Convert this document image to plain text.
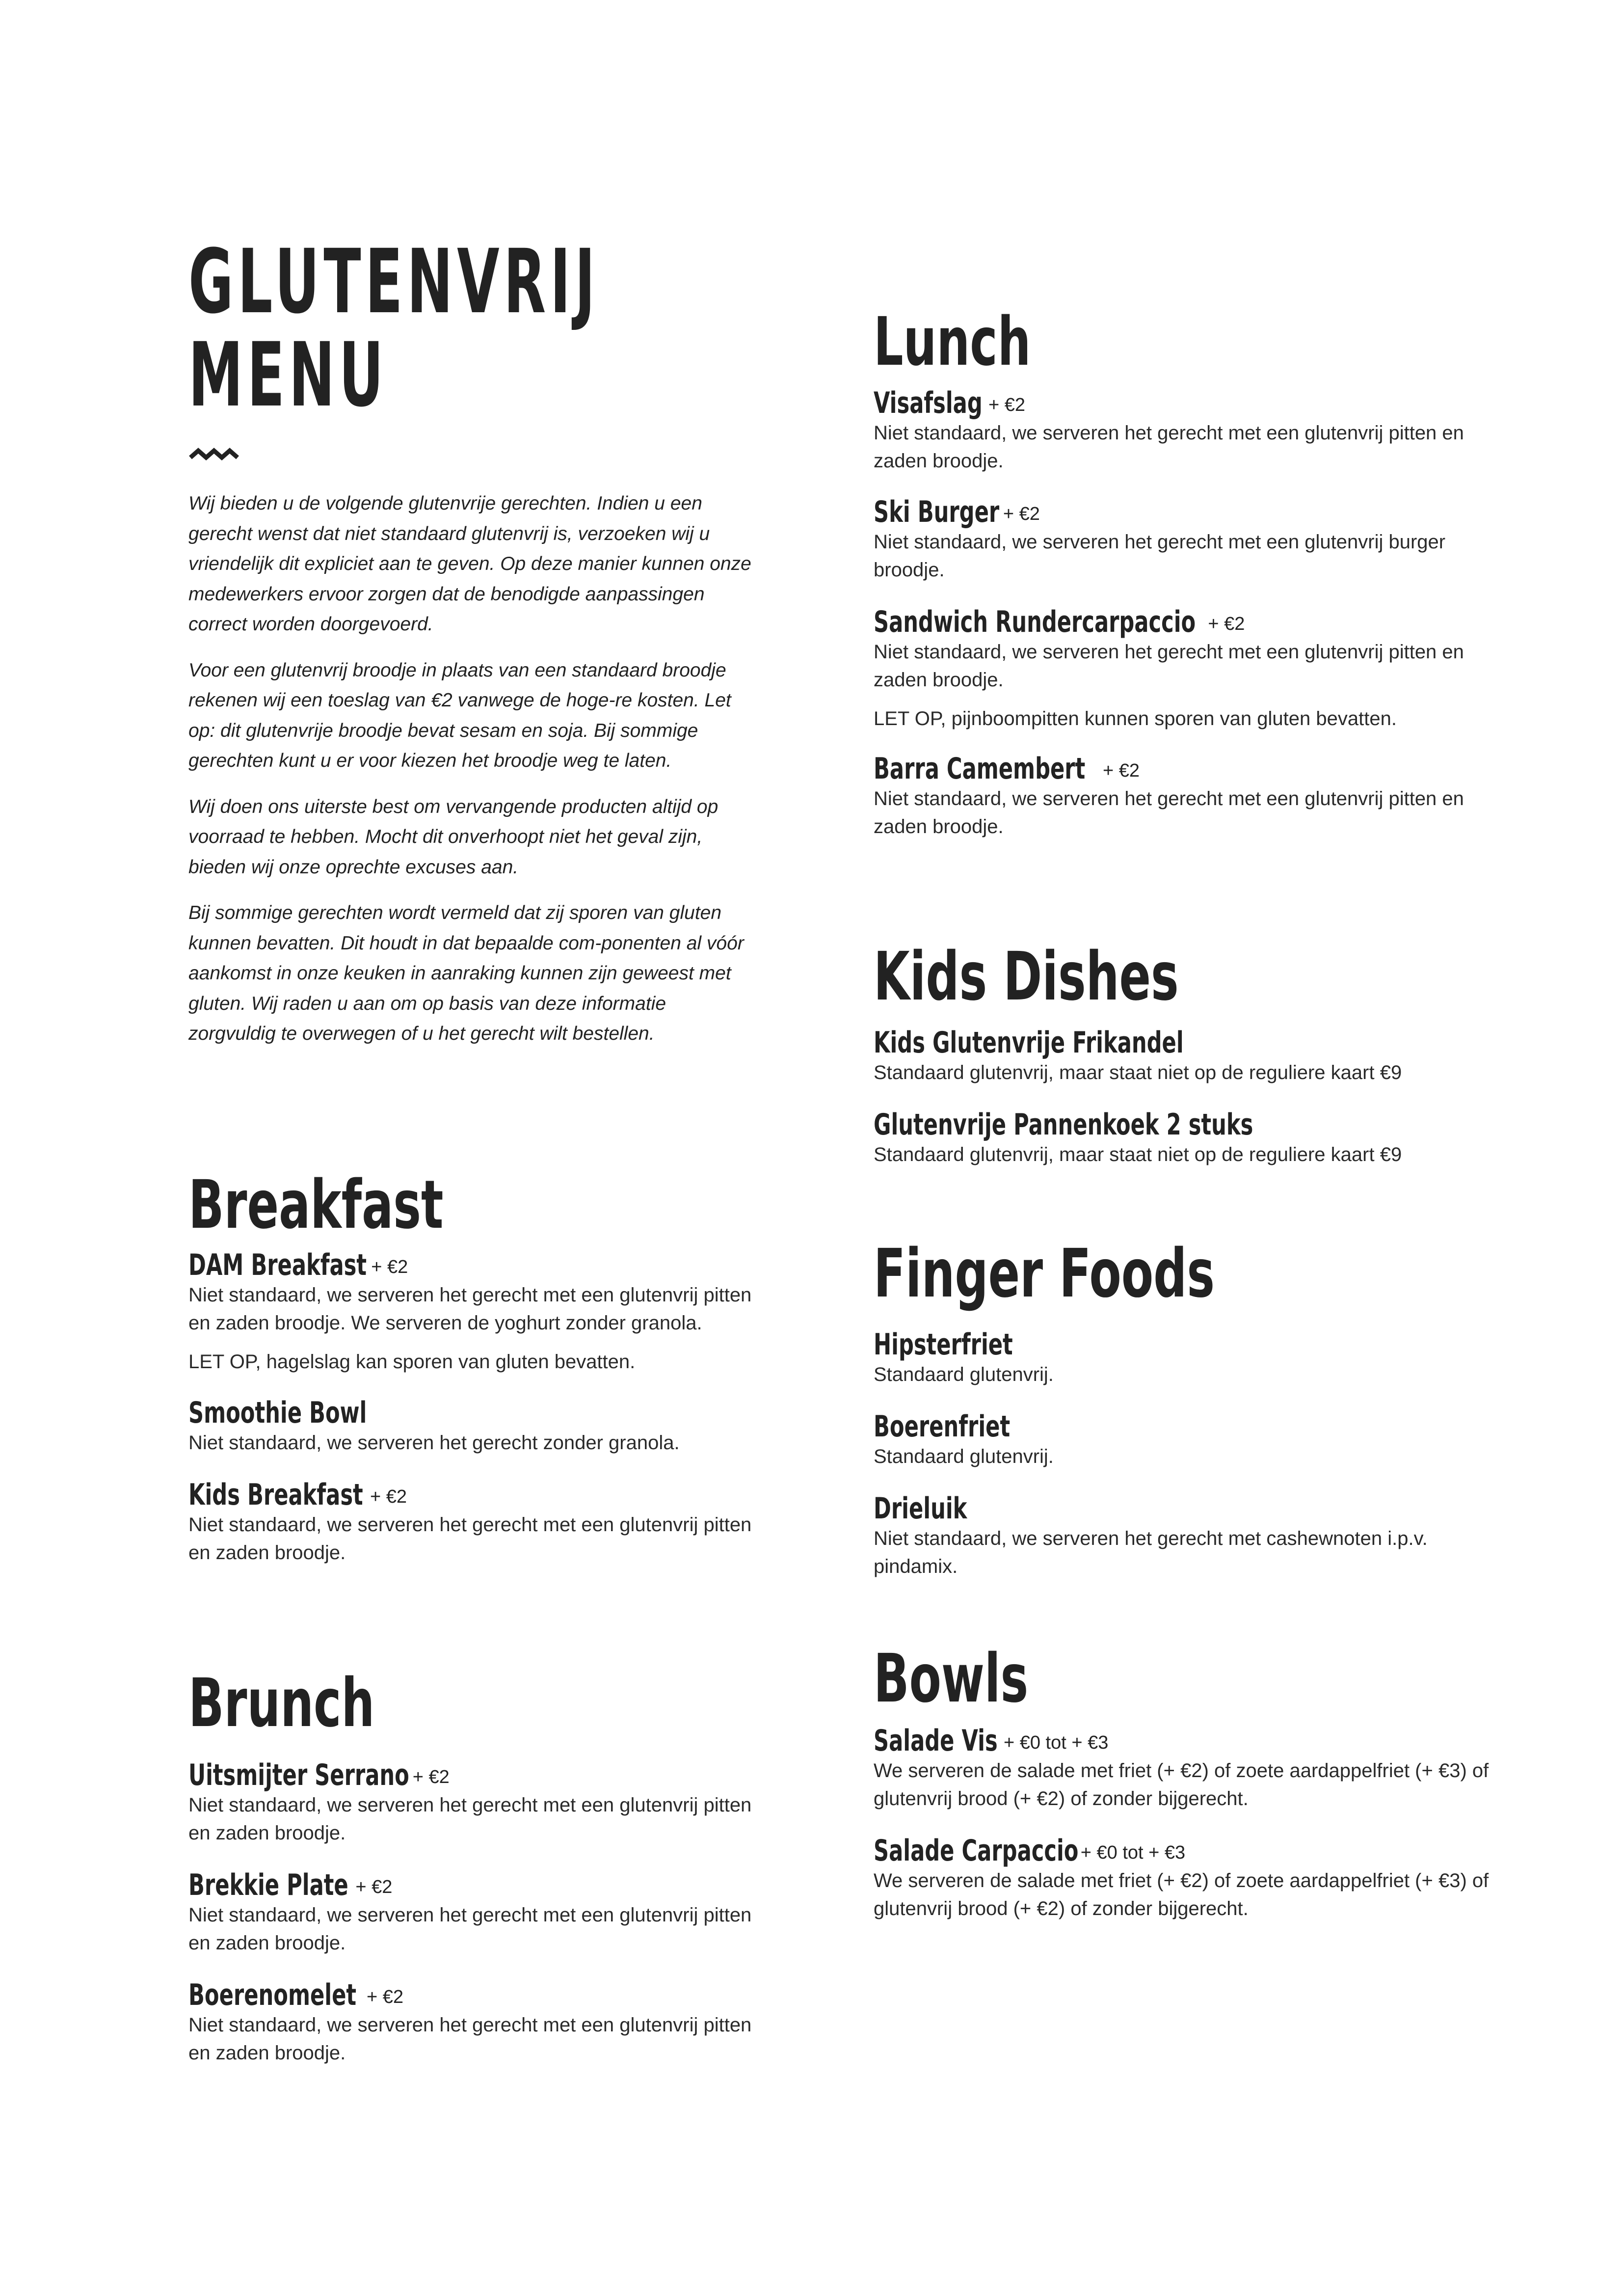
GLUTENVRIJ
MENU

Wij bieden u de volgende glutenvrije gerechten. Indien u een gerecht wenst dat niet standaard glutenvrij is, verzoeken wij u vriendelijk dit expliciet aan te geven. Op deze manier kunnen onze medewerkers ervoor zorgen dat de benodigde aanpassingen correct worden doorgevoerd.

Voor een glutenvrij broodje in plaats van een standaard broodje rekenen wij een toeslag van €2 vanwege de hoge-re kosten. Let op: dit glutenvrije broodje bevat sesam en soja. Bij sommige gerechten kunt u er voor kiezen het broodje weg te laten.

Wij doen ons uiterste best om vervangende producten altijd op voorraad te hebben. Mocht dit onverhoopt niet het geval zijn, bieden wij onze oprechte excuses aan.

Bij sommige gerechten wordt vermeld dat zij sporen van gluten kunnen bevatten. Dit houdt in dat bepaalde com-ponenten al vóór aankomst in onze keuken in aanraking kunnen zijn geweest met gluten. Wij raden u aan om op basis van deze informatie zorgvuldig te overwegen of u het gerecht wilt bestellen.

Breakfast
DAM Breakfast + €2

Niet standaard, we serveren het gerecht met een glutenvrij pitten en zaden broodje. We serveren de yoghurt zonder granola.

LET OP, hagelslag kan sporen van gluten bevatten.

Smoothie Bowl

Niet standaard, we serveren het gerecht zonder granola.

Kids Breakfast + €2

Niet standaard, we serveren het gerecht met een glutenvrij pitten en zaden broodje.

Brunch
Uitsmijter Serrano + €2

Niet standaard, we serveren het gerecht met een glutenvrij pitten en zaden broodje.

Brekkie Plate + €2

Niet standaard, we serveren het gerecht met een glutenvrij pitten en zaden broodje.

Boerenomelet + €2

Niet standaard, we serveren het gerecht met een glutenvrij pitten en zaden broodje.

Lunch
Visafslag + €2

Niet standaard, we serveren het gerecht met een glutenvrij pitten en zaden broodje.

Ski Burger + €2

Niet standaard, we serveren het gerecht met een glutenvrij burger broodje.

Sandwich Rundercarpaccio + €2

Niet standaard, we serveren het gerecht met een glutenvrij pitten en zaden broodje.

LET OP, pijnboompitten kunnen sporen van gluten bevatten.

Barra Camembert + €2

Niet standaard, we serveren het gerecht met een glutenvrij pitten en zaden broodje.

Kids Dishes
Kids Glutenvrije Frikandel

Standaard glutenvrij, maar staat niet op de reguliere kaart €9

Glutenvrije Pannenkoek 2 stuks

Standaard glutenvrij, maar staat niet op de reguliere kaart €9

Finger Foods
Hipsterfriet

Standaard glutenvrij.

Boerenfriet

Standaard glutenvrij.

Drieluik

Niet standaard, we serveren het gerecht met cashewnoten i.p.v. pindamix.

Bowls
Salade Vis + €0 tot + €3

We serveren de salade met friet (+ €2) of zoete aardappelfriet (+ €3) of glutenvrij brood (+ €2) of zonder bijgerecht.

Salade Carpaccio + €0 tot + €3

We serveren de salade met friet (+ €2) of zoete aardappelfriet (+ €3) of glutenvrij brood (+ €2) of zonder bijgerecht.
